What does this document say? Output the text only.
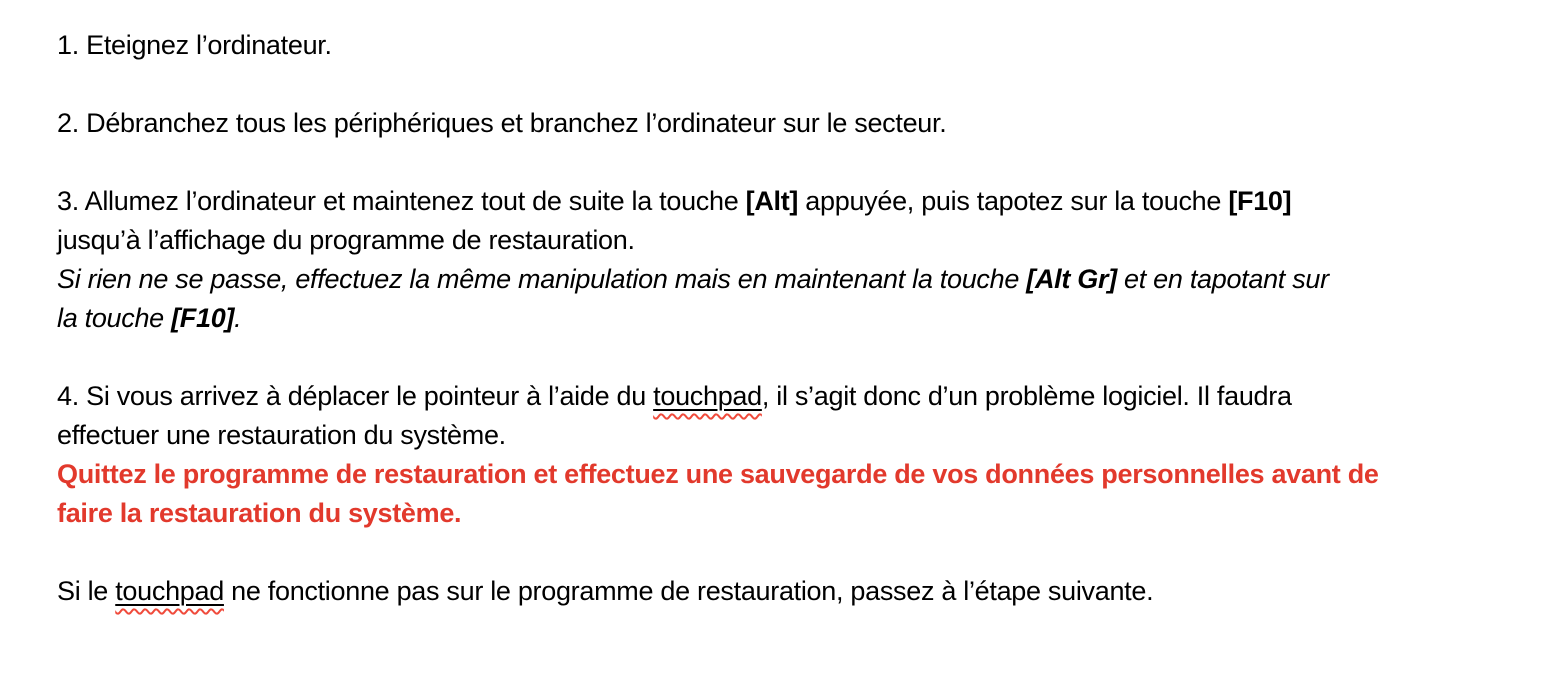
1. Eteignez l’ordinateur.

2. Débranchez tous les périphériques et branchez l’ordinateur sur le secteur.

3. Allumez l’ordinateur et maintenez tout de suite la touche [Alt] appuyée, puis tapotez sur la touche [F10]
jusqu’à l’affichage du programme de restauration.
Si rien ne se passe, effectuez la même manipulation mais en maintenant la touche [Alt Gr] et en tapotant sur
la touche [F10].

4. Si vous arrivez à déplacer le pointeur à l’aide du touchpad, il s’agit donc d’un problème logiciel. Il faudra
effectuer une restauration du système.
Quittez le programme de restauration et effectuez une sauvegarde de vos données personnelles avant de
faire la restauration du système.

Si le touchpad ne fonctionne pas sur le programme de restauration, passez à l’étape suivante.
